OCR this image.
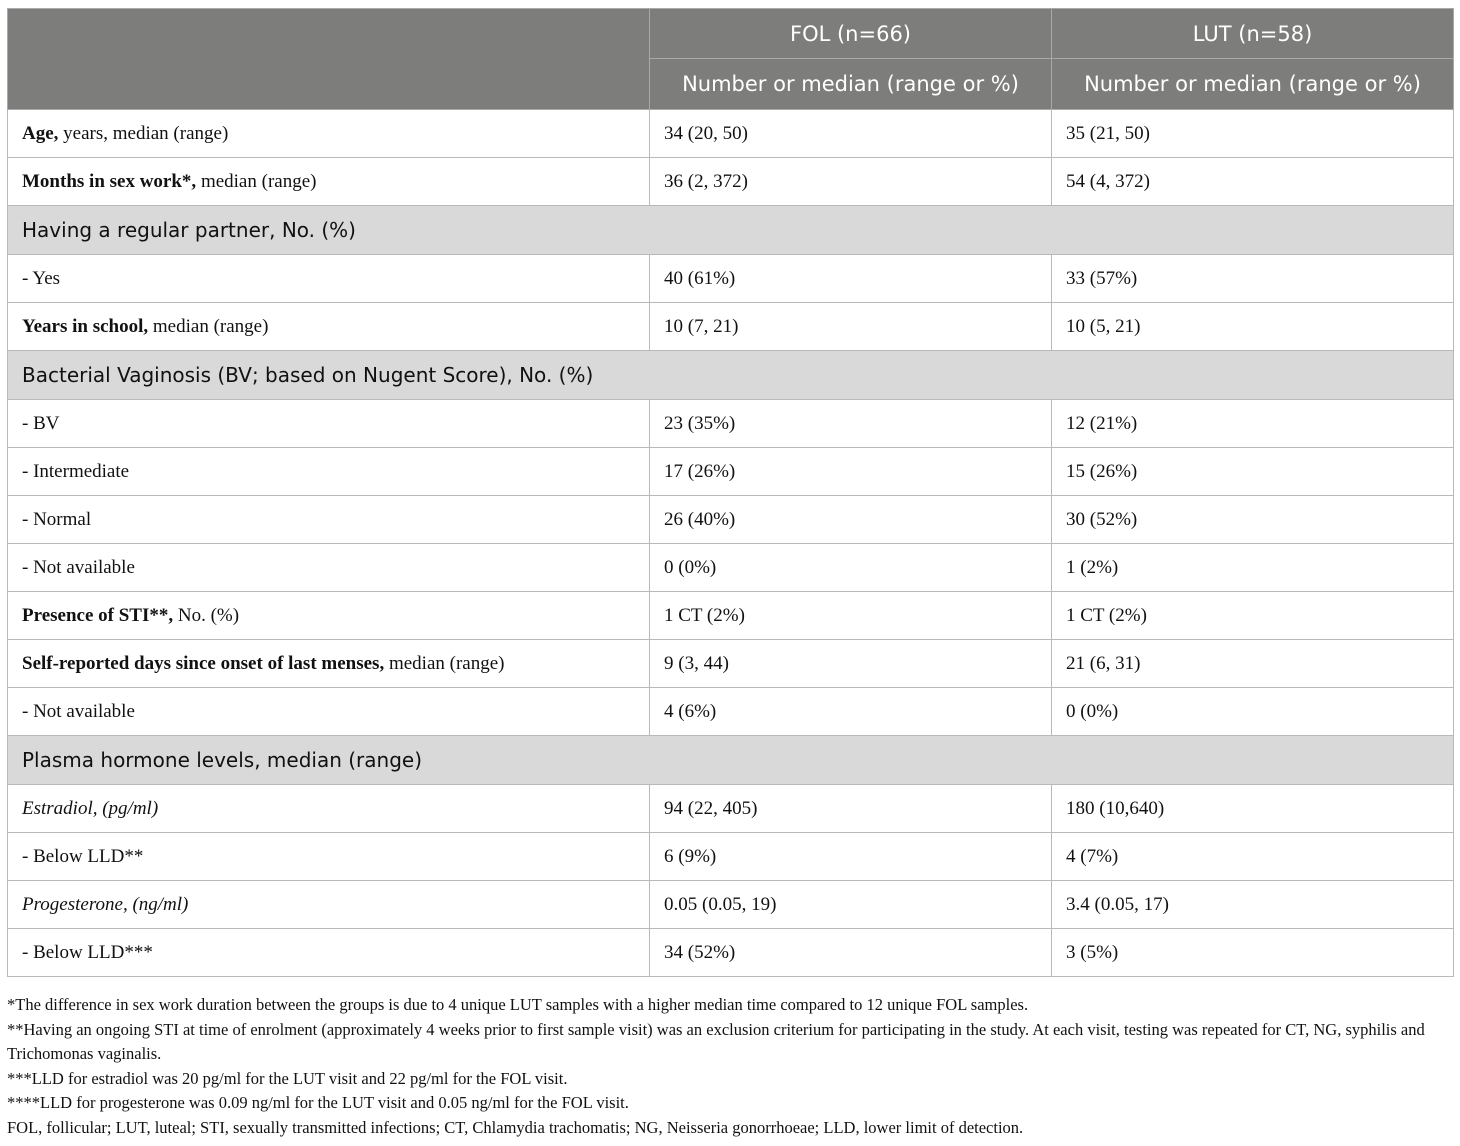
	FOL (n=66)	LUT (n=58)
	Number or median (range or %)	Number or median (range or %)
Age, years, median (range)	34 (20, 50)	35 (21, 50)
Months in sex work*, median (range)	36 (2, 372)	54 (4, 372)
Having a regular partner, No. (%)		
- Yes	40 (61%)	33 (57%)
Years in school, median (range)	10 (7, 21)	10 (5, 21)
Bacterial Vaginosis (BV; based on Nugent Score), No. (%)		
- BV	23 (35%)	12 (21%)
- Intermediate	17 (26%)	15 (26%)
- Normal	26 (40%)	30 (52%)
- Not available	0 (0%)	1 (2%)
Presence of STI**, No. (%)	1 CT (2%)	1 CT (2%)
Self-reported days since onset of last menses, median (range)	9 (3, 44)	21 (6, 31)
- Not available	4 (6%)	0 (0%)
Plasma hormone levels, median (range)		
Estradiol, (pg/ml)	94 (22, 405)	180 (10,640)
- Below LLD**	6 (9%)	4 (7%)
Progesterone, (ng/ml)	0.05 (0.05, 19)	3.4 (0.05, 17)
- Below LLD***	34 (52%)	3 (5%)

*The difference in sex work duration between the groups is due to 4 unique LUT samples with a higher median time compared to 12 unique FOL samples.

**Having an ongoing STI at time of enrolment (approximately 4 weeks prior to first sample visit) was an exclusion criterium for participating in the study. At each visit, testing was repeated for CT, NG, syphilis and Trichomonas vaginalis.

***LLD for estradiol was 20 pg/ml for the LUT visit and 22 pg/ml for the FOL visit.

****LLD for progesterone was 0.09 ng/ml for the LUT visit and 0.05 ng/ml for the FOL visit.

FOL, follicular; LUT, luteal; STI, sexually transmitted infections; CT, Chlamydia trachomatis; NG, Neisseria gonorrhoeae; LLD, lower limit of detection.
